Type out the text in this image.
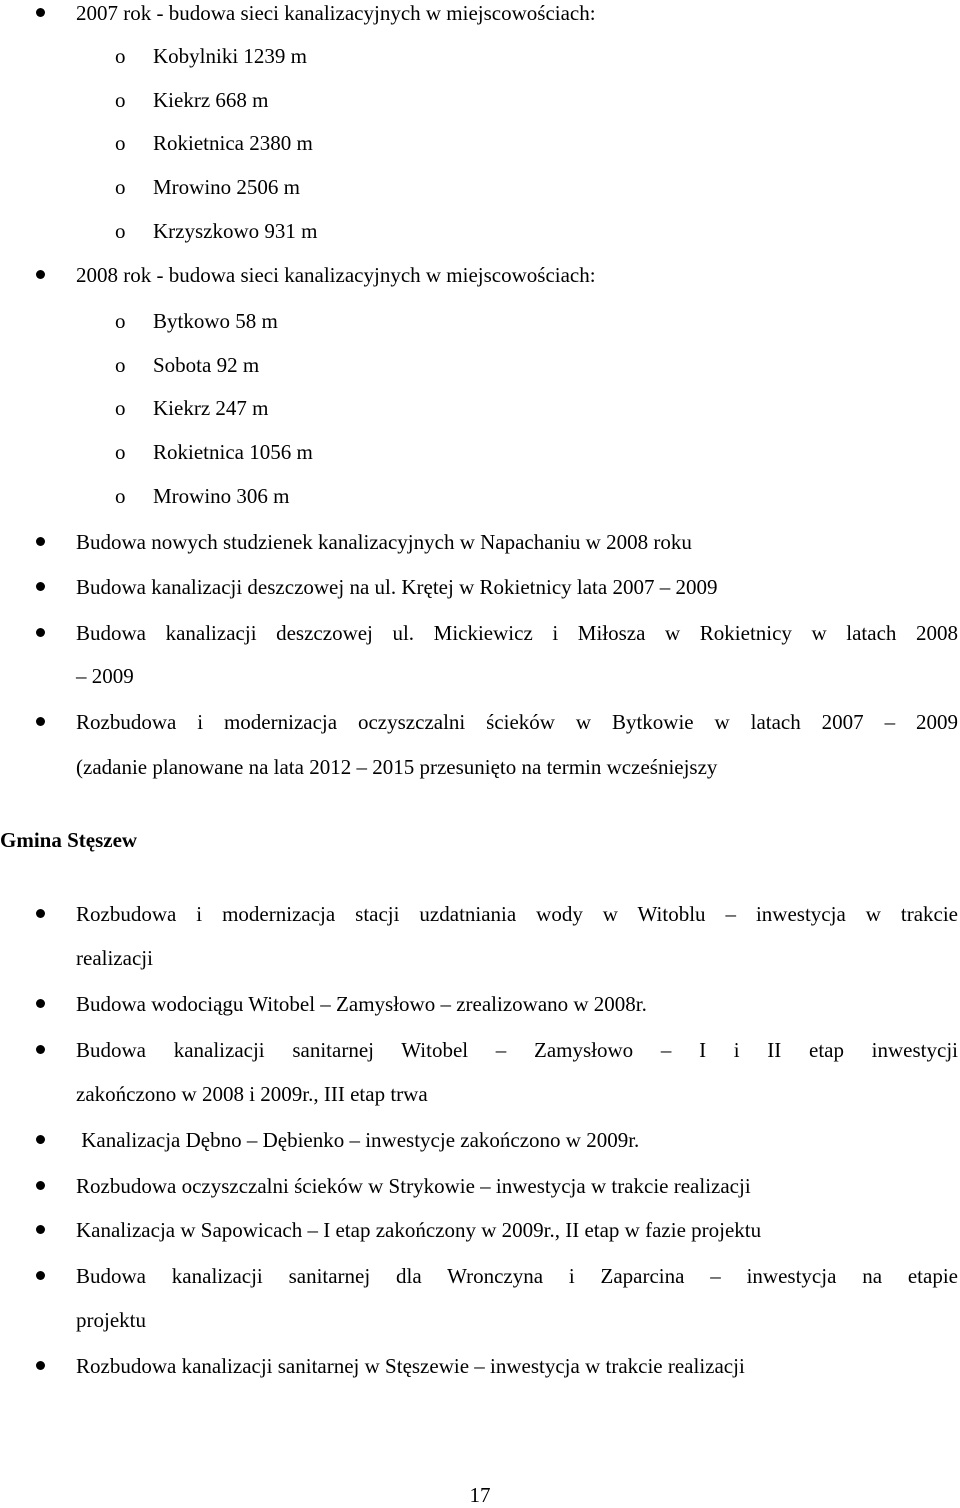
2007 rok - budowa sieci kanalizacyjnych w miejscowościach:
o Kobylniki 1239 m
o Kiekrz 668 m
o Rokietnica 2380 m
o Mrowino 2506 m
o Krzyszkowo 931 m
2008 rok - budowa sieci kanalizacyjnych w miejscowościach:
o Bytkowo 58 m
o Sobota 92 m
o Kiekrz 247 m
o Rokietnica 1056 m
o Mrowino 306 m
Budowa nowych studzienek kanalizacyjnych w Napachaniu w 2008 roku
Budowa kanalizacji deszczowej na ul. Krętej w Rokietnicy lata 2007 – 2009
Budowa kanalizacji deszczowej ul. Mickiewicz i Miłosza w Rokietnicy w latach 2008
– 2009
Rozbudowa i modernizacja oczyszczalni ścieków w Bytkowie w latach 2007 – 2009
(zadanie planowane na lata 2012 – 2015 przesunięto na termin wcześniejszy
Gmina Stęszew
Rozbudowa i modernizacja stacji uzdatniania wody w Witoblu – inwestycja w trakcie
realizacji
Budowa wodociągu Witobel – Zamysłowo – zrealizowano w 2008r.
Budowa kanalizacji sanitarnej Witobel – Zamysłowo – I i II etap inwestycji
zakończono w 2008 i 2009r., III etap trwa
Kanalizacja Dębno – Dębienko – inwestycje zakończono w 2009r.
Rozbudowa oczyszczalni ścieków w Strykowie – inwestycja w trakcie realizacji
Kanalizacja w Sapowicach – I etap zakończony w 2009r., II etap w fazie projektu
Budowa kanalizacji sanitarnej dla Wronczyna i Zaparcina – inwestycja na etapie
projektu
Rozbudowa kanalizacji sanitarnej w Stęszewie – inwestycja w trakcie realizacji
17
